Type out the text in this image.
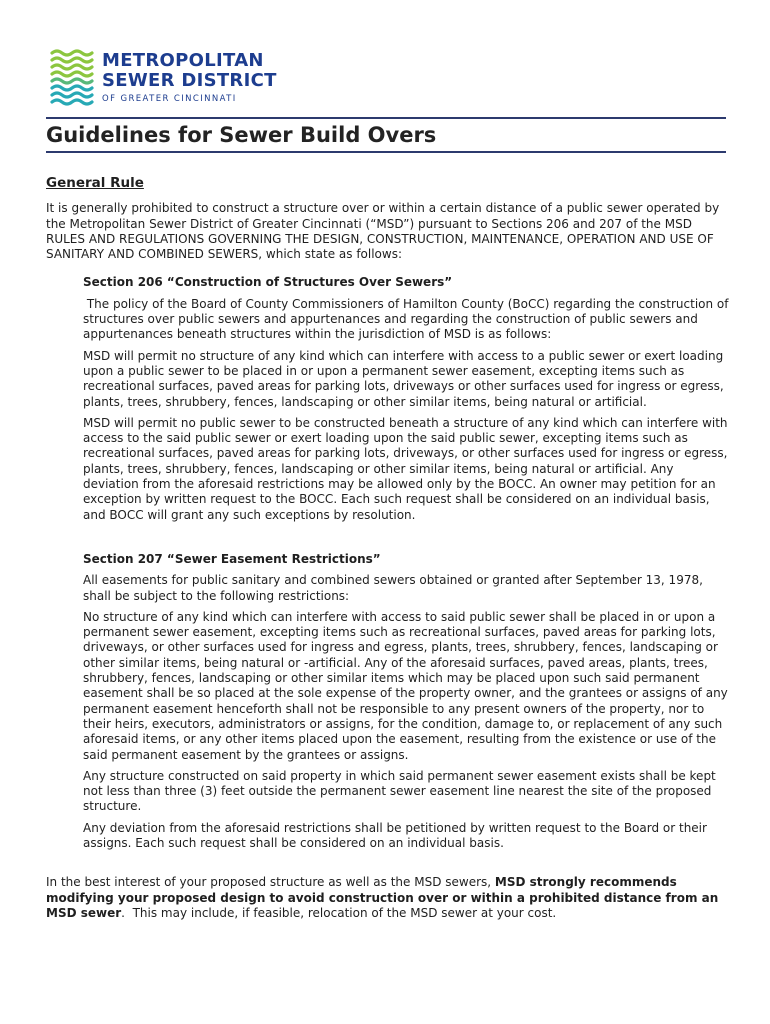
METROPOLITAN
SEWER DISTRICT
OF GREATER CINCINNATI
Guidelines for Sewer Build Overs

General Rule

It is generally prohibited to construct a structure over or within a certain distance of a public sewer operated by the Metropolitan Sewer District of Greater Cincinnati (“MSD”) pursuant to Sections 206 and 207 of the MSD RULES AND REGULATIONS GOVERNING THE DESIGN, CONSTRUCTION, MAINTENANCE, OPERATION AND USE OF SANITARY AND COMBINED SEWERS, which state as follows:

Section 206 “Construction of Structures Over Sewers”

The policy of the Board of County Commissioners of Hamilton County (BoCC) regarding the construction of structures over public sewers and appurtenances and regarding the construction of public sewers and appurtenances beneath structures within the jurisdiction of MSD is as follows:

MSD will permit no structure of any kind which can interfere with access to a public sewer or exert loading upon a public sewer to be placed in or upon a permanent sewer easement, excepting items such as recreational surfaces, paved areas for parking lots, driveways or other surfaces used for ingress or egress, plants, trees, shrubbery, fences, landscaping or other similar items, being natural or artificial.

MSD will permit no public sewer to be constructed beneath a structure of any kind which can interfere with access to the said public sewer or exert loading upon the said public sewer, excepting items such as recreational surfaces, paved areas for parking lots, driveways, or other surfaces used for ingress or egress, plants, trees, shrubbery, fences, landscaping or other similar items, being natural or artificial. Any deviation from the aforesaid restrictions may be allowed only by the BOCC. An owner may petition for an exception by written request to the BOCC. Each such request shall be considered on an individual basis, and BOCC will grant any such exceptions by resolution.

Section 207 “Sewer Easement Restrictions”

All easements for public sanitary and combined sewers obtained or granted after September 13, 1978, shall be subject to the following restrictions:

No structure of any kind which can interfere with access to said public sewer shall be placed in or upon a permanent sewer easement, excepting items such as recreational surfaces, paved areas for parking lots, driveways, or other surfaces used for ingress and egress, plants, trees, shrubbery, fences, landscaping or other similar items, being natural or -artificial. Any of the aforesaid surfaces, paved areas, plants, trees, shrubbery, fences, landscaping or other similar items which may be placed upon such said permanent easement shall be so placed at the sole expense of the property owner, and the grantees or assigns of any permanent easement henceforth shall not be responsible to any present owners of the property, nor to their heirs, executors, administrators or assigns, for the condition, damage to, or replacement of any such aforesaid items, or any other items placed upon the easement, resulting from the existence or use of the said permanent easement by the grantees or assigns.

Any structure constructed on said property in which said permanent sewer easement exists shall be kept not less than three (3) feet outside the permanent sewer easement line nearest the site of the proposed structure.

Any deviation from the aforesaid restrictions shall be petitioned by written request to the Board or their assigns. Each such request shall be considered on an individual basis.

In the best interest of your proposed structure as well as the MSD sewers, MSD strongly recommends modifying your proposed design to avoid construction over or within a prohibited distance from an MSD sewer.  This may include, if feasible, relocation of the MSD sewer at your cost.
